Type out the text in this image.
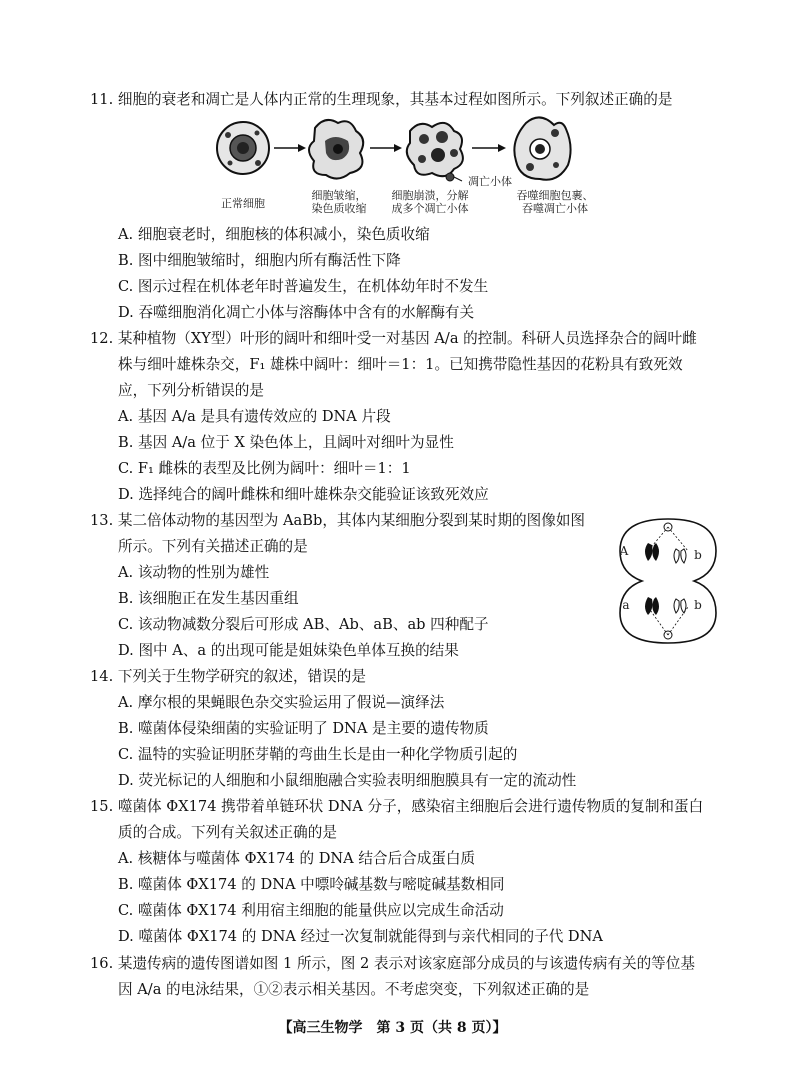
11. 细胞的衰老和凋亡是人体内正常的生理现象，其基本过程如图所示。下列叙述正确的是

正常细胞
细胞皱缩，
染色质收缩
细胞崩溃，分解
成多个凋亡小体
凋亡小体
吞噬细胞包裹、
吞噬凋亡小体
A. 细胞衰老时，细胞核的体积减小，染色质收缩
B. 图中细胞皱缩时，细胞内所有酶活性下降
C. 图示过程在机体老年时普遍发生，在机体幼年时不发生
D. 吞噬细胞消化凋亡小体与溶酶体中含有的水解酶有关
12. 某种植物（XY型）叶形的阔叶和细叶受一对基因 A/a 的控制。科研人员选择杂合的阔叶雌
株与细叶雄株杂交，F₁ 雄株中阔叶：细叶＝1：1。已知携带隐性基因的花粉具有致死效
应，下列分析错误的是
A. 基因 A/a 是具有遗传效应的 DNA 片段
B. 基因 A/a 位于 X 染色体上，且阔叶对细叶为显性
C. F₁ 雌株的表型及比例为阔叶：细叶＝1：1
D. 选择纯合的阔叶雌株和细叶雄株杂交能验证该致死效应
13. 某二倍体动物的基因型为 AaBb，其体内某细胞分裂到某时期的图像如图
所示。下列有关描述正确的是
A. 该动物的性别为雄性
B. 该细胞正在发生基因重组
C. 该动物减数分裂后可形成 AB、Ab、aB、ab 四种配子
D. 图中 A、a 的出现可能是姐妹染色单体互换的结果
A	b
a	b
14. 下列关于生物学研究的叙述，错误的是
A. 摩尔根的果蝇眼色杂交实验运用了假说—演绎法
B. 噬菌体侵染细菌的实验证明了 DNA 是主要的遗传物质
C. 温特的实验证明胚芽鞘的弯曲生长是由一种化学物质引起的
D. 荧光标记的人细胞和小鼠细胞融合实验表明细胞膜具有一定的流动性
15. 噬菌体 ΦX174 携带着单链环状 DNA 分子，感染宿主细胞后会进行遗传物质的复制和蛋白
质的合成。下列有关叙述正确的是
A. 核糖体与噬菌体 ΦX174 的 DNA 结合后合成蛋白质
B. 噬菌体 ΦX174 的 DNA 中嘌呤碱基数与嘧啶碱基数相同
C. 噬菌体 ΦX174 利用宿主细胞的能量供应以完成生命活动
D. 噬菌体 ΦX174 的 DNA 经过一次复制就能得到与亲代相同的子代 DNA
16. 某遗传病的遗传图谱如图 1 所示，图 2 表示对该家庭部分成员的与该遗传病有关的等位基
因 A/a 的电泳结果，①②表示相关基因。不考虑突变，下列叙述正确的是
【高三生物学　第 3 页（共 8 页）】
